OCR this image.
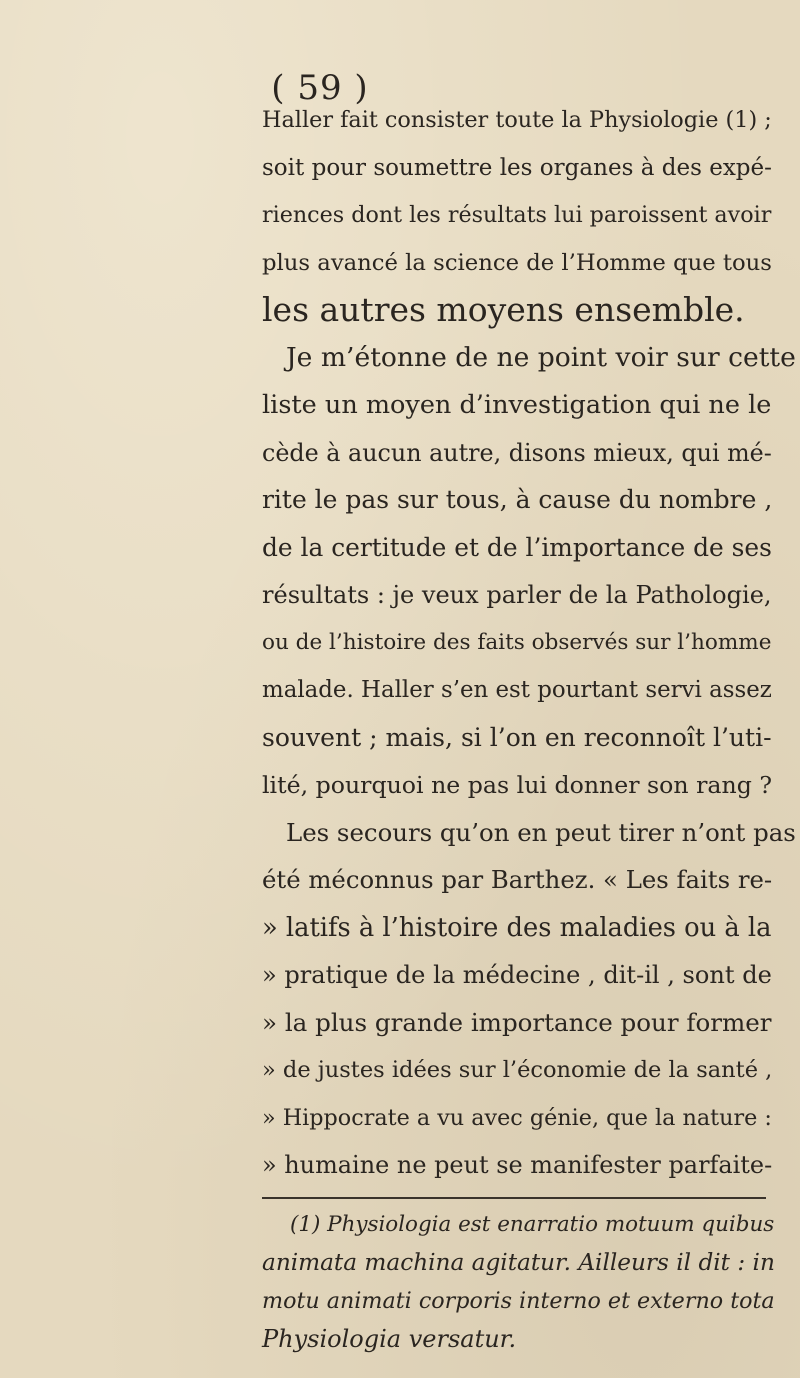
( 59 )
Haller fait consister toute la Physiologie (1) ;
soit pour soumettre les organes à des expé-
riences dont les résultats lui paroissent avoir
plus avancé la science de l’Homme que tous
les autres moyens ensemble.
Je m’étonne de ne point voir sur cette
liste un moyen d’investigation qui ne le
cède à aucun autre, disons mieux, qui mé-
rite le pas sur tous, à cause du nombre ,
de la certitude et de l’importance de ses
résultats : je veux parler de la Pathologie,
ou de l’histoire des faits observés sur l’homme
malade. Haller s’en est pourtant servi assez
souvent ; mais, si l’on en reconnoît l’uti-
lité, pourquoi ne pas lui donner son rang ?
Les secours qu’on en peut tirer n’ont pas
été méconnus par Barthez. « Les faits re-
» latifs à l’histoire des maladies ou à la
» pratique de la médecine , dit-il , sont de
» la plus grande importance pour former
» de justes idées sur l’économie de la santé ,
» Hippocrate a vu avec génie, que la nature :
» humaine ne peut se manifester parfaite-
(1) Physiologia est enarratio motuum quibus
animata machina agitatur. Ailleurs il dit : in
motu animati corporis interno et externo tota
Physiologia versatur.
